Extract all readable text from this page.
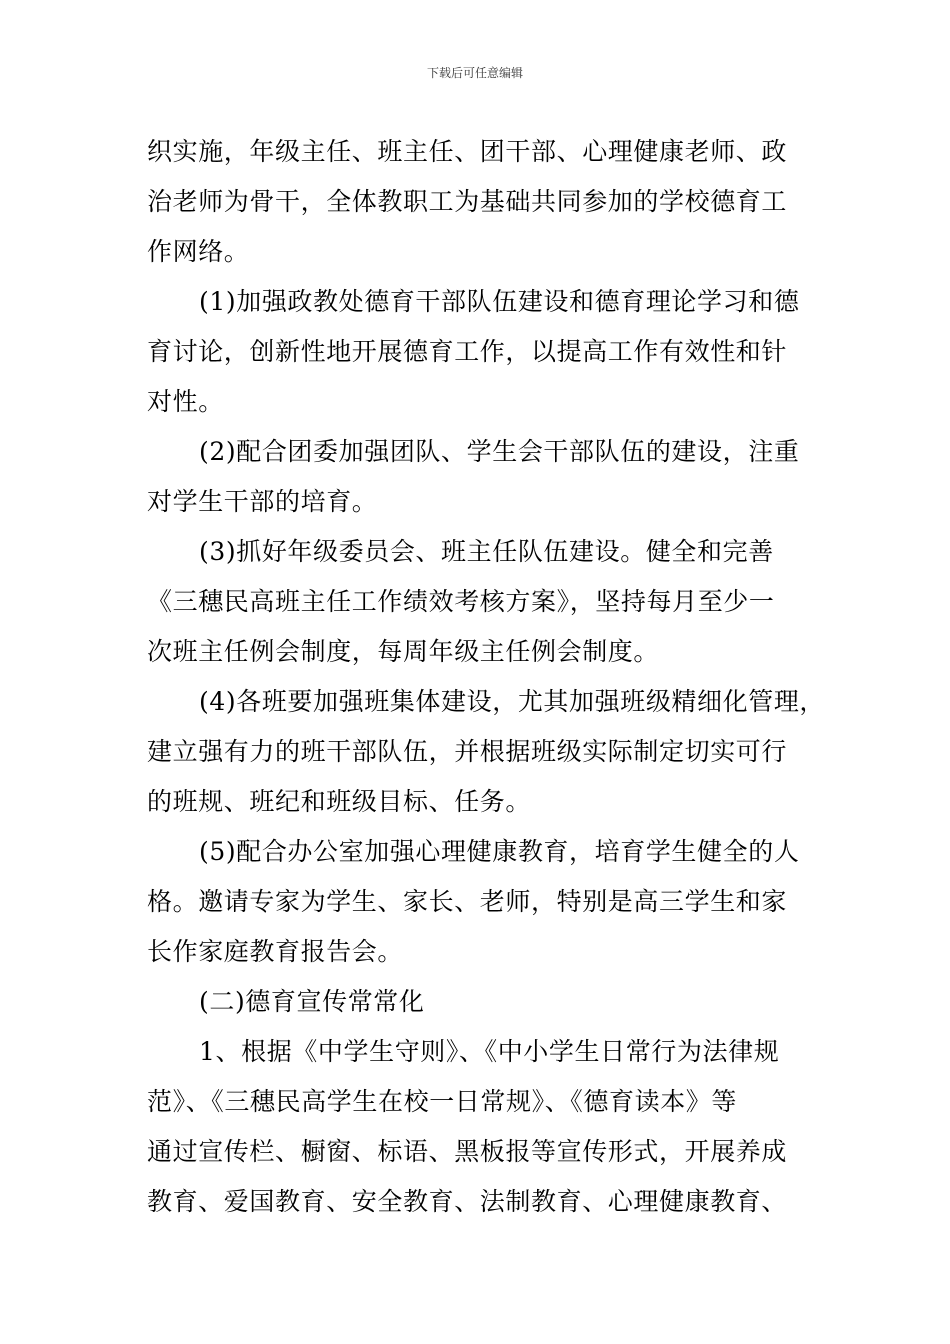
下载后可任意编辑
织实施，年级主任、班主任、团干部、心理健康老师、政
治老师为骨干，全体教职工为基础共同参加的学校德育工
作网络。
(1)加强政教处德育干部队伍建设和德育理论学习和德
育讨论，创新性地开展德育工作，以提高工作有效性和针
对性。
(2)配合团委加强团队、学生会干部队伍的建设，注重
对学生干部的培育。
(3)抓好年级委员会、班主任队伍建设。健全和完善
《三穗民高班主任工作绩效考核方案》，坚持每月至少一
次班主任例会制度，每周年级主任例会制度。
(4)各班要加强班集体建设，尤其加强班级精细化管理，
建立强有力的班干部队伍，并根据班级实际制定切实可行
的班规、班纪和班级目标、任务。
(5)配合办公室加强心理健康教育，培育学生健全的人
格。邀请专家为学生、家长、老师，特别是高三学生和家
长作家庭教育报告会。
(二)德育宣传常常化
1、根据《中学生守则》、《中小学生日常行为法律规
范》、《三穗民高学生在校一日常规》、《德育读本》等
通过宣传栏、橱窗、标语、黑板报等宣传形式，开展养成
教育、爱国教育、安全教育、法制教育、心理健康教育、
